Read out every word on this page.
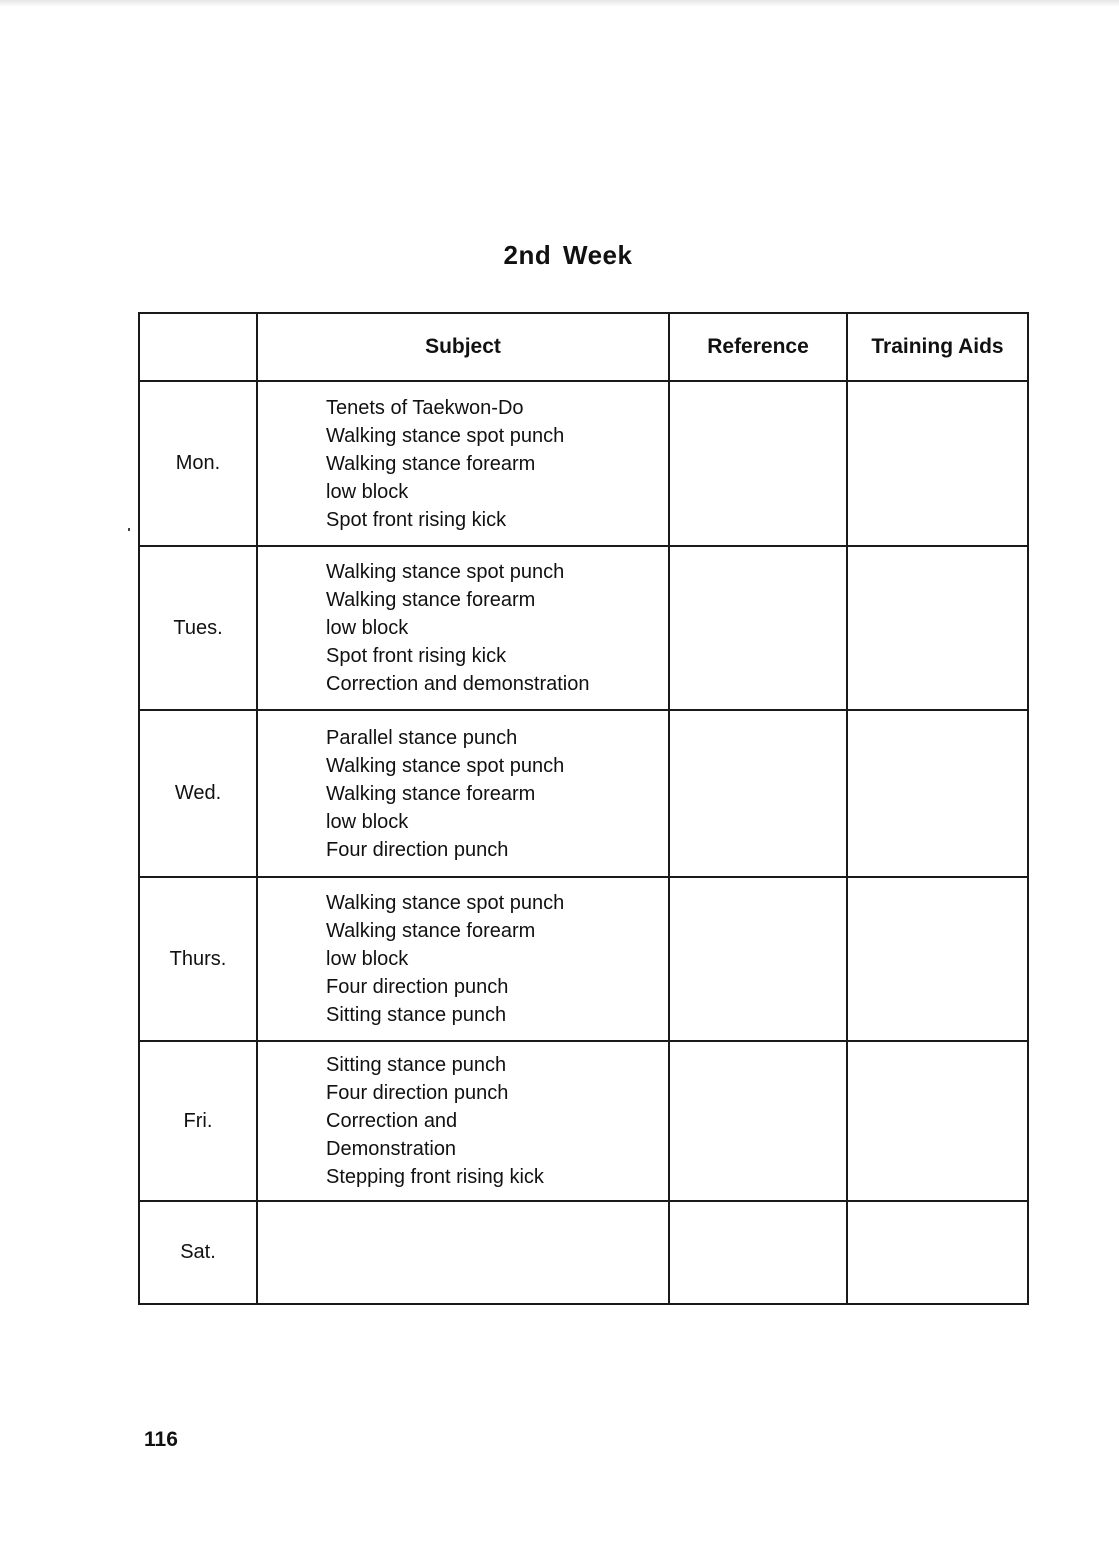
2nd Week
	Subject	Reference	Training Aids
Mon.	Tenets of Taekwon-Do
Walking stance spot punch
Walking stance forearm
low block
Spot front rising kick		

Tues.	Walking stance spot punch
Walking stance forearm
low block
Spot front rising kick
Correction and demonstration		

Wed.	Parallel stance punch
Walking stance spot punch
Walking stance forearm
low block
Four direction punch		

Thurs.	Walking stance spot punch
Walking stance forearm
low block
Four direction punch
Sitting stance punch		

Fri.	Sitting stance punch
Four direction punch
Correction and
Demonstration
Stepping front rising kick		

Sat.			
116
